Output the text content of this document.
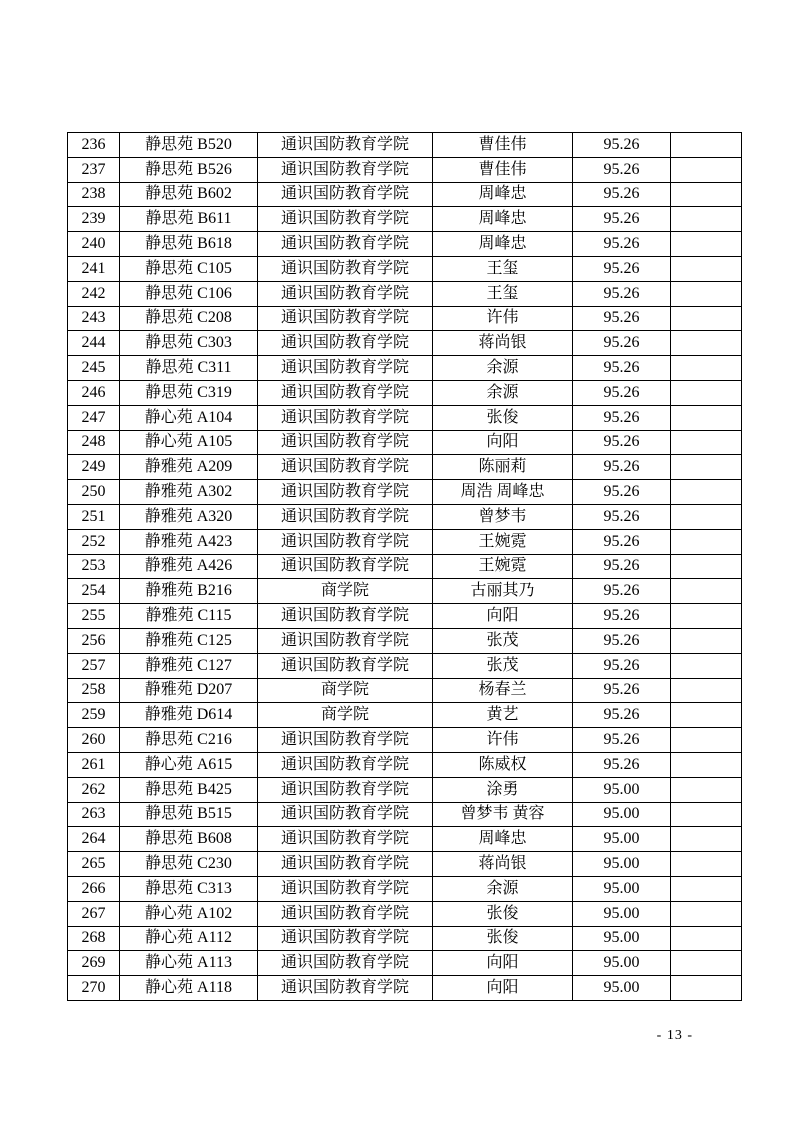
236	静思苑 B520	通识国防教育学院	曹佳伟	95.26	
237	静思苑 B526	通识国防教育学院	曹佳伟	95.26	
238	静思苑 B602	通识国防教育学院	周峰忠	95.26	
239	静思苑 B611	通识国防教育学院	周峰忠	95.26	
240	静思苑 B618	通识国防教育学院	周峰忠	95.26	
241	静思苑 C105	通识国防教育学院	王玺	95.26	
242	静思苑 C106	通识国防教育学院	王玺	95.26	
243	静思苑 C208	通识国防教育学院	许伟	95.26	
244	静思苑 C303	通识国防教育学院	蒋尚银	95.26	
245	静思苑 C311	通识国防教育学院	余源	95.26	
246	静思苑 C319	通识国防教育学院	余源	95.26	
247	静心苑 A104	通识国防教育学院	张俊	95.26	
248	静心苑 A105	通识国防教育学院	向阳	95.26	
249	静雅苑 A209	通识国防教育学院	陈丽莉	95.26	
250	静雅苑 A302	通识国防教育学院	周浩 周峰忠	95.26	
251	静雅苑 A320	通识国防教育学院	曾梦韦	95.26	
252	静雅苑 A423	通识国防教育学院	王婉霓	95.26	
253	静雅苑 A426	通识国防教育学院	王婉霓	95.26	
254	静雅苑 B216	商学院	古丽其乃	95.26	
255	静雅苑 C115	通识国防教育学院	向阳	95.26	
256	静雅苑 C125	通识国防教育学院	张茂	95.26	
257	静雅苑 C127	通识国防教育学院	张茂	95.26	
258	静雅苑 D207	商学院	杨春兰	95.26	
259	静雅苑 D614	商学院	黄艺	95.26	
260	静思苑 C216	通识国防教育学院	许伟	95.26	
261	静心苑 A615	通识国防教育学院	陈威权	95.26	
262	静思苑 B425	通识国防教育学院	涂勇	95.00	
263	静思苑 B515	通识国防教育学院	曾梦韦 黄容	95.00	
264	静思苑 B608	通识国防教育学院	周峰忠	95.00	
265	静思苑 C230	通识国防教育学院	蒋尚银	95.00	
266	静思苑 C313	通识国防教育学院	余源	95.00	
267	静心苑 A102	通识国防教育学院	张俊	95.00	
268	静心苑 A112	通识国防教育学院	张俊	95.00	
269	静心苑 A113	通识国防教育学院	向阳	95.00	
270	静心苑 A118	通识国防教育学院	向阳	95.00	
- 13 -
